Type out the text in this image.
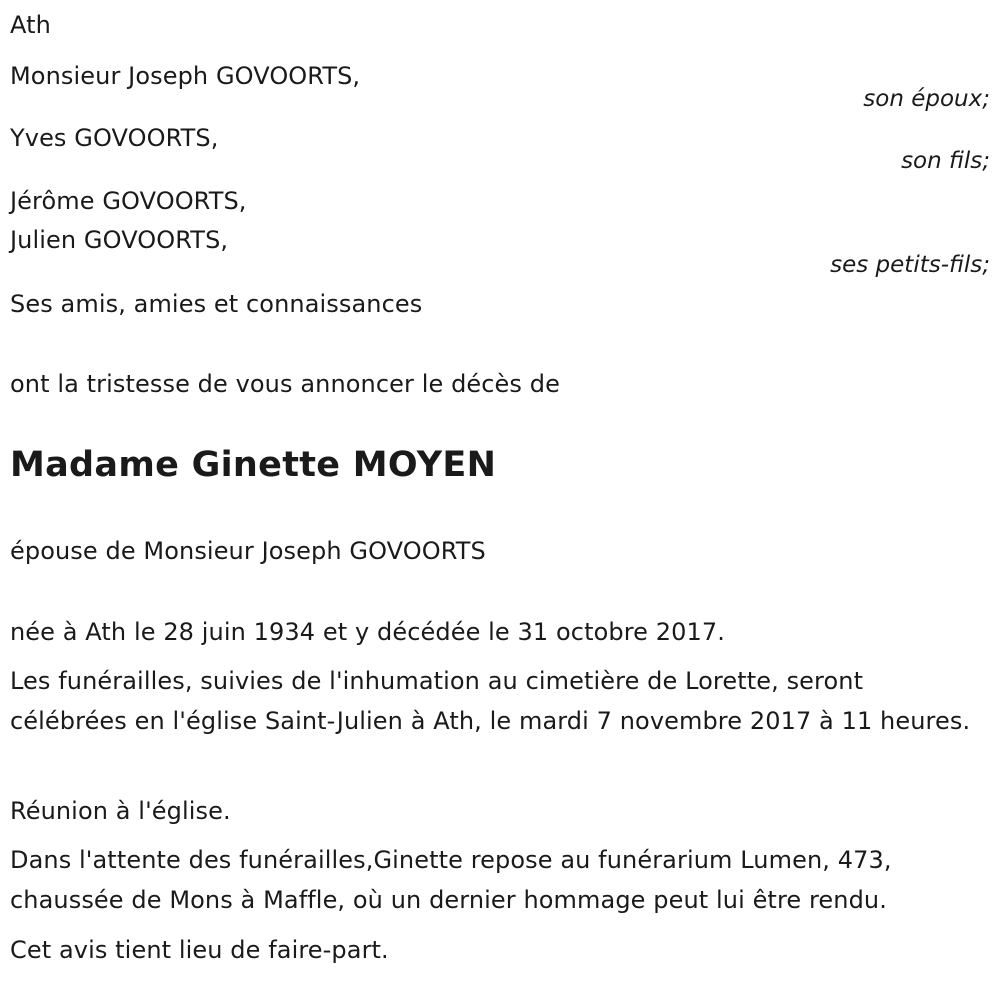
Ath
Monsieur Joseph GOVOORTS,
son époux;
Yves GOVOORTS,
son fils;
Jérôme GOVOORTS,
Julien GOVOORTS,
ses petits-fils;
Ses amis, amies et connaissances
ont la tristesse de vous annoncer le décès de
Madame Ginette MOYEN
épouse de Monsieur Joseph GOVOORTS
née à Ath le 28 juin 1934 et y décédée le 31 octobre 2017.
Les funérailles, suivies de l'inhumation au cimetière de Lorette, seront célébrées en l'église Saint-Julien à Ath, le mardi 7 novembre 2017 à 11 heures.
Réunion à l'église.
Dans l'attente des funérailles,Ginette repose au funérarium Lumen, 473, chaussée de Mons à Maffle, où un dernier hommage peut lui être rendu.
Cet avis tient lieu de faire-part.
